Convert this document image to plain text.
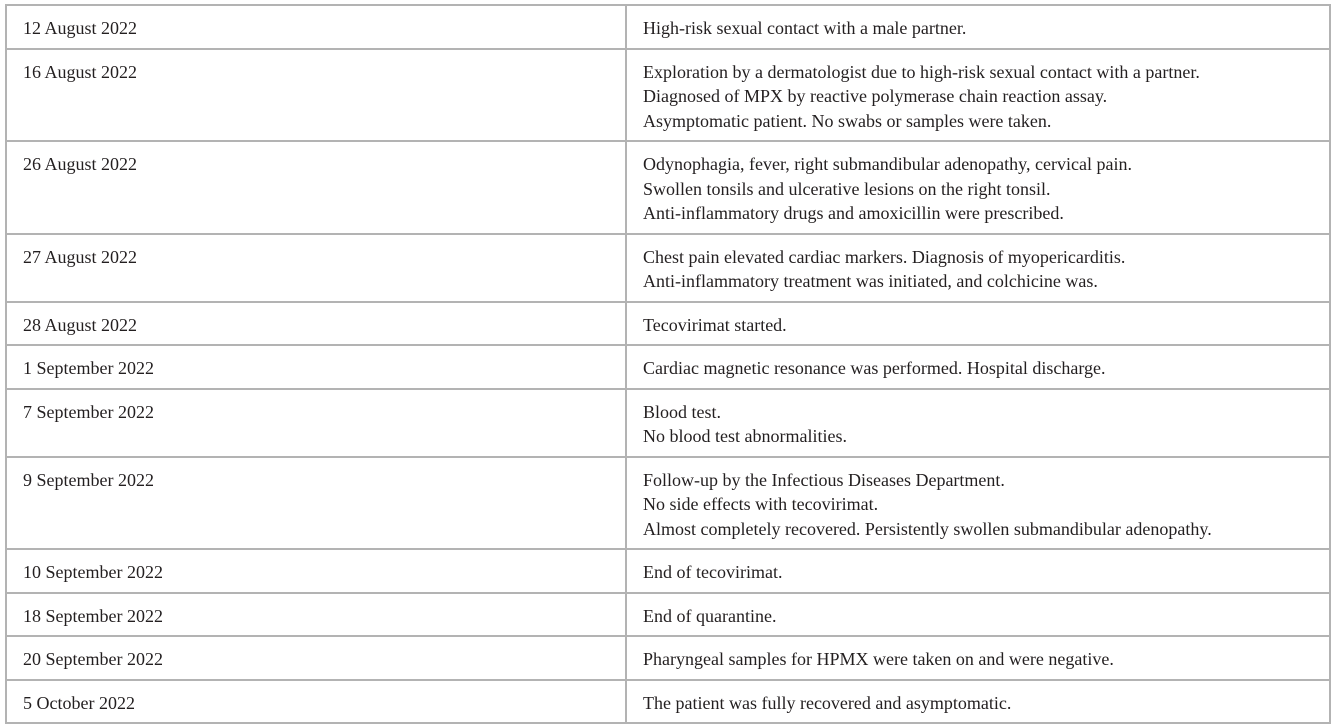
12 August 2022	High-risk sexual contact with a male partner.

16 August 2022	Exploration by a dermatologist due to high-risk sexual contact with a partner.
Diagnosed of MPX by reactive polymerase chain reaction assay.
Asymptomatic patient. No swabs or samples were taken.

26 August 2022	Odynophagia, fever, right submandibular adenopathy, cervical pain.
Swollen tonsils and ulcerative lesions on the right tonsil.
Anti-inflammatory drugs and amoxicillin were prescribed.

27 August 2022	Chest pain elevated cardiac markers. Diagnosis of myopericarditis.
Anti-inflammatory treatment was initiated, and colchicine was.

28 August 2022	Tecovirimat started.

1 September 2022	Cardiac magnetic resonance was performed. Hospital discharge.

7 September 2022	Blood test.
No blood test abnormalities.

9 September 2022	Follow-up by the Infectious Diseases Department.
No side effects with tecovirimat.
Almost completely recovered. Persistently swollen submandibular adenopathy.

10 September 2022	End of tecovirimat.

18 September 2022	End of quarantine.

20 September 2022	Pharyngeal samples for HPMX were taken on and were negative.

5 October 2022	The patient was fully recovered and asymptomatic.
